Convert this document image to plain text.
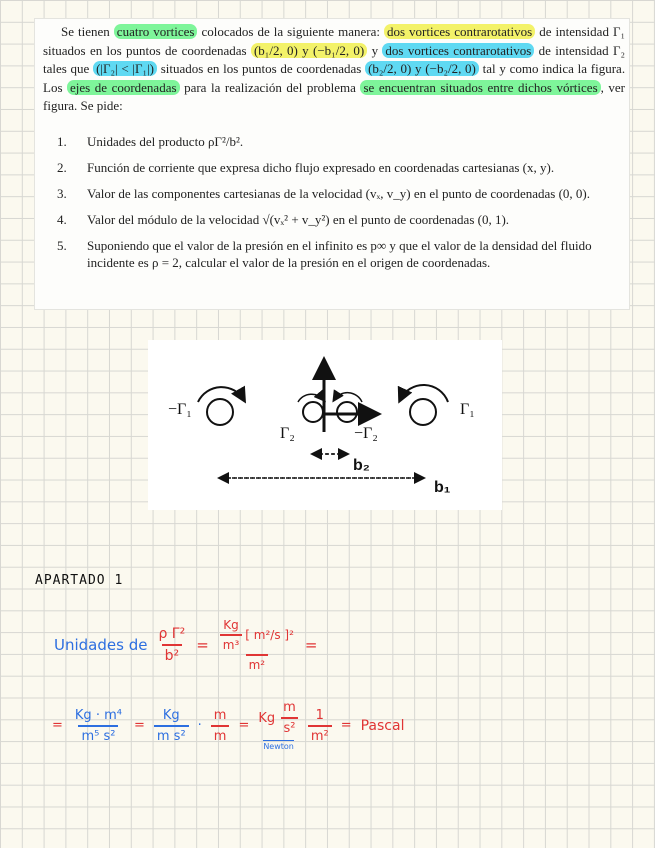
Se tienen cuatro vortices colocados de la siguiente manera: dos vortices contrarotativos de intensidad Γ₁ situados en los puntos de coordenadas (b₁/2, 0) y (−b₁/2, 0) y dos vortices contrarotativos de intensidad Γ₂ tales que (|Γ₂| < |Γ₁|) situados en los puntos de coordenadas (b₂/2, 0) y (−b₂/2, 0) tal y como indica la figura. Los ejes de coordenadas para la realización del problema se encuentran situados entre dichos vórtices , ver figura. Se pide:

1.	Unidades del producto ρΓ²/b².
2.	Función de corriente que expresa dicho flujo expresado en coordenadas cartesianas (x, y).
3.	Valor de las componentes cartesianas de la velocidad (vₓ, v_y) en el punto de coordenadas (0, 0).
4.	Valor del módulo de la velocidad √(vₓ² + v_y²) en el punto de coordenadas (0, 1).
5.	Suponiendo que el valor de la presión en el infinito es p∞ y que el valor de la densidad del fluido incidente es ρ = 2, calcular el valor de la presión en el origen de coordenadas.
−Γ₁
Γ₂	−Γ₂
Γ₁
b₂
b₁
APARTADO 1
Unidades de $\frac{\text{ρ Γ²}}{\text{b²}} = \frac{\frac{Kg}{\text{m³}} [ m^2/s ]^2}{\text{m²}}$ =
= $\frac{\text{Kg · m⁴}}{\text{m⁵ s²}} = \frac{Kg}{\text{m s²}} \cdot \frac{m}{m} = Kg \frac{m}{\text{s²}}$
Newton
$\frac{1}{\text{m²}}$ = Pascal
